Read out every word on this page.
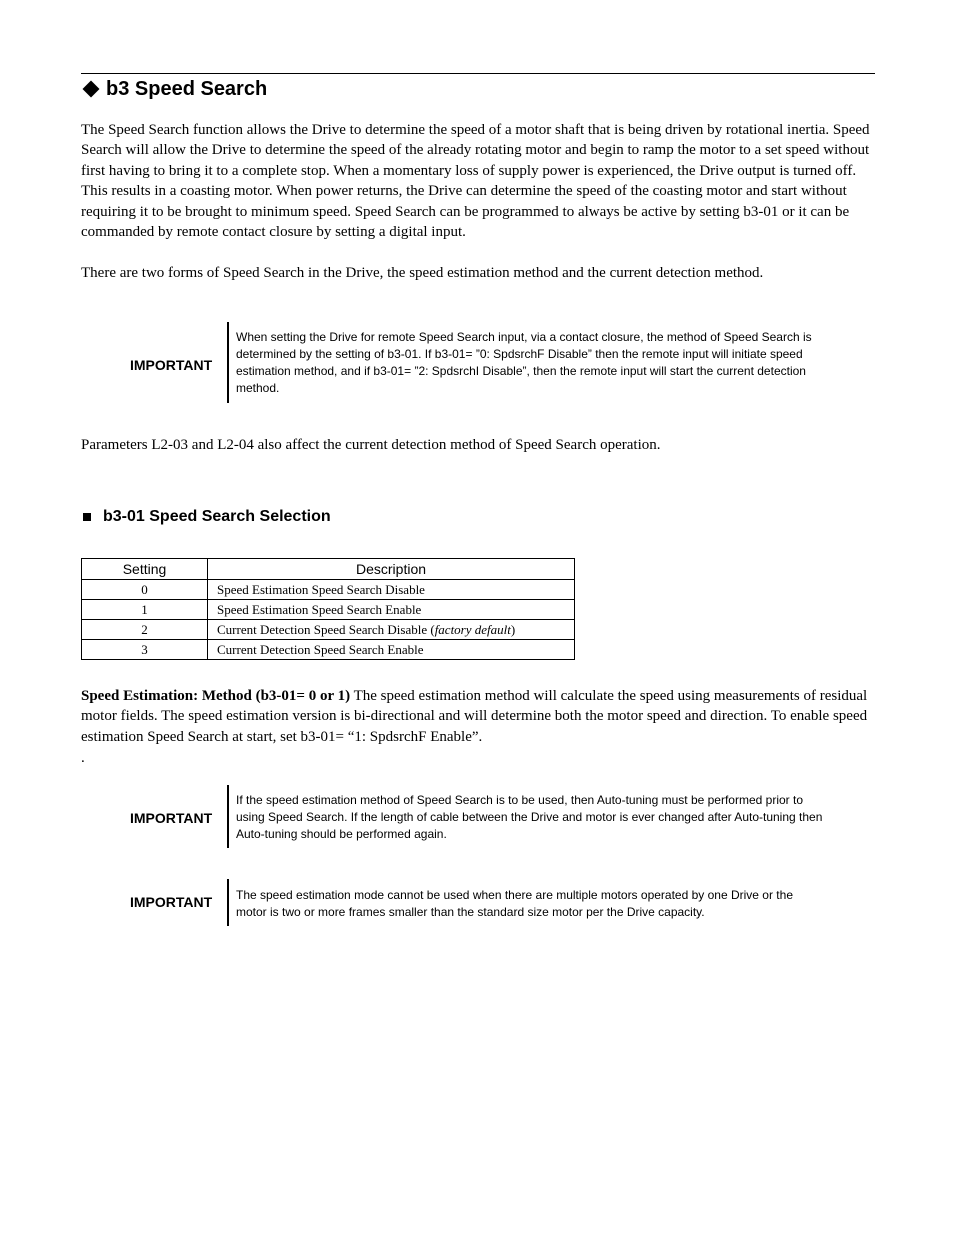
b3 Speed Search

The Speed Search function allows the Drive to determine the speed of a motor shaft that is being driven by rotational inertia. Speed Search will allow the Drive to determine the speed of the already rotating motor and begin to ramp the motor to a set speed without first having to bring it to a complete stop. When a momentary loss of supply power is experienced, the Drive output is turned off. This results in a coasting motor. When power returns, the Drive can determine the speed of the coasting motor and start without requiring it to be brought to minimum speed. Speed Search can be programmed to always be active by setting b3-01 or it can be commanded by remote contact closure by setting a digital input.

There are two forms of Speed Search in the Drive, the speed estimation method and the current detection method.

IMPORTANT
When setting the Drive for remote Speed Search input, via a contact closure, the method of Speed Search is determined by the setting of b3-01. If b3-01= ”0: SpdsrchF Disable” then the remote input will initiate speed estimation method, and if b3-01= ”2: SpdsrchI Disable”, then the remote input will start the current detection method.

Parameters L2-03 and L2-04 also affect the current detection method of Speed Search operation.

b3-01 Speed Search Selection
Setting	Description
0	Speed Estimation Speed Search Disable
1	Speed Estimation Speed Search Enable
2	Current Detection Speed Search Disable (factory default)
3	Current Detection Speed Search Enable

Speed Estimation: Method (b3-01= 0 or 1) The speed estimation method will calculate the speed using measurements of residual motor fields. The speed estimation version is bi-directional and will determine both the motor speed and direction. To enable speed estimation Speed Search at start, set b3-01= “1: SpdsrchF Enable”.

.
IMPORTANT
If the speed estimation method of Speed Search is to be used, then Auto-tuning must be performed prior to using Speed Search. If the length of cable between the Drive and motor is ever changed after Auto-tuning then Auto-tuning should be performed again.
IMPORTANT The speed estimation mode cannot be used when there are multiple motors operated by one Drive or the motor is two or more frames smaller than the standard size motor per the Drive capacity.
